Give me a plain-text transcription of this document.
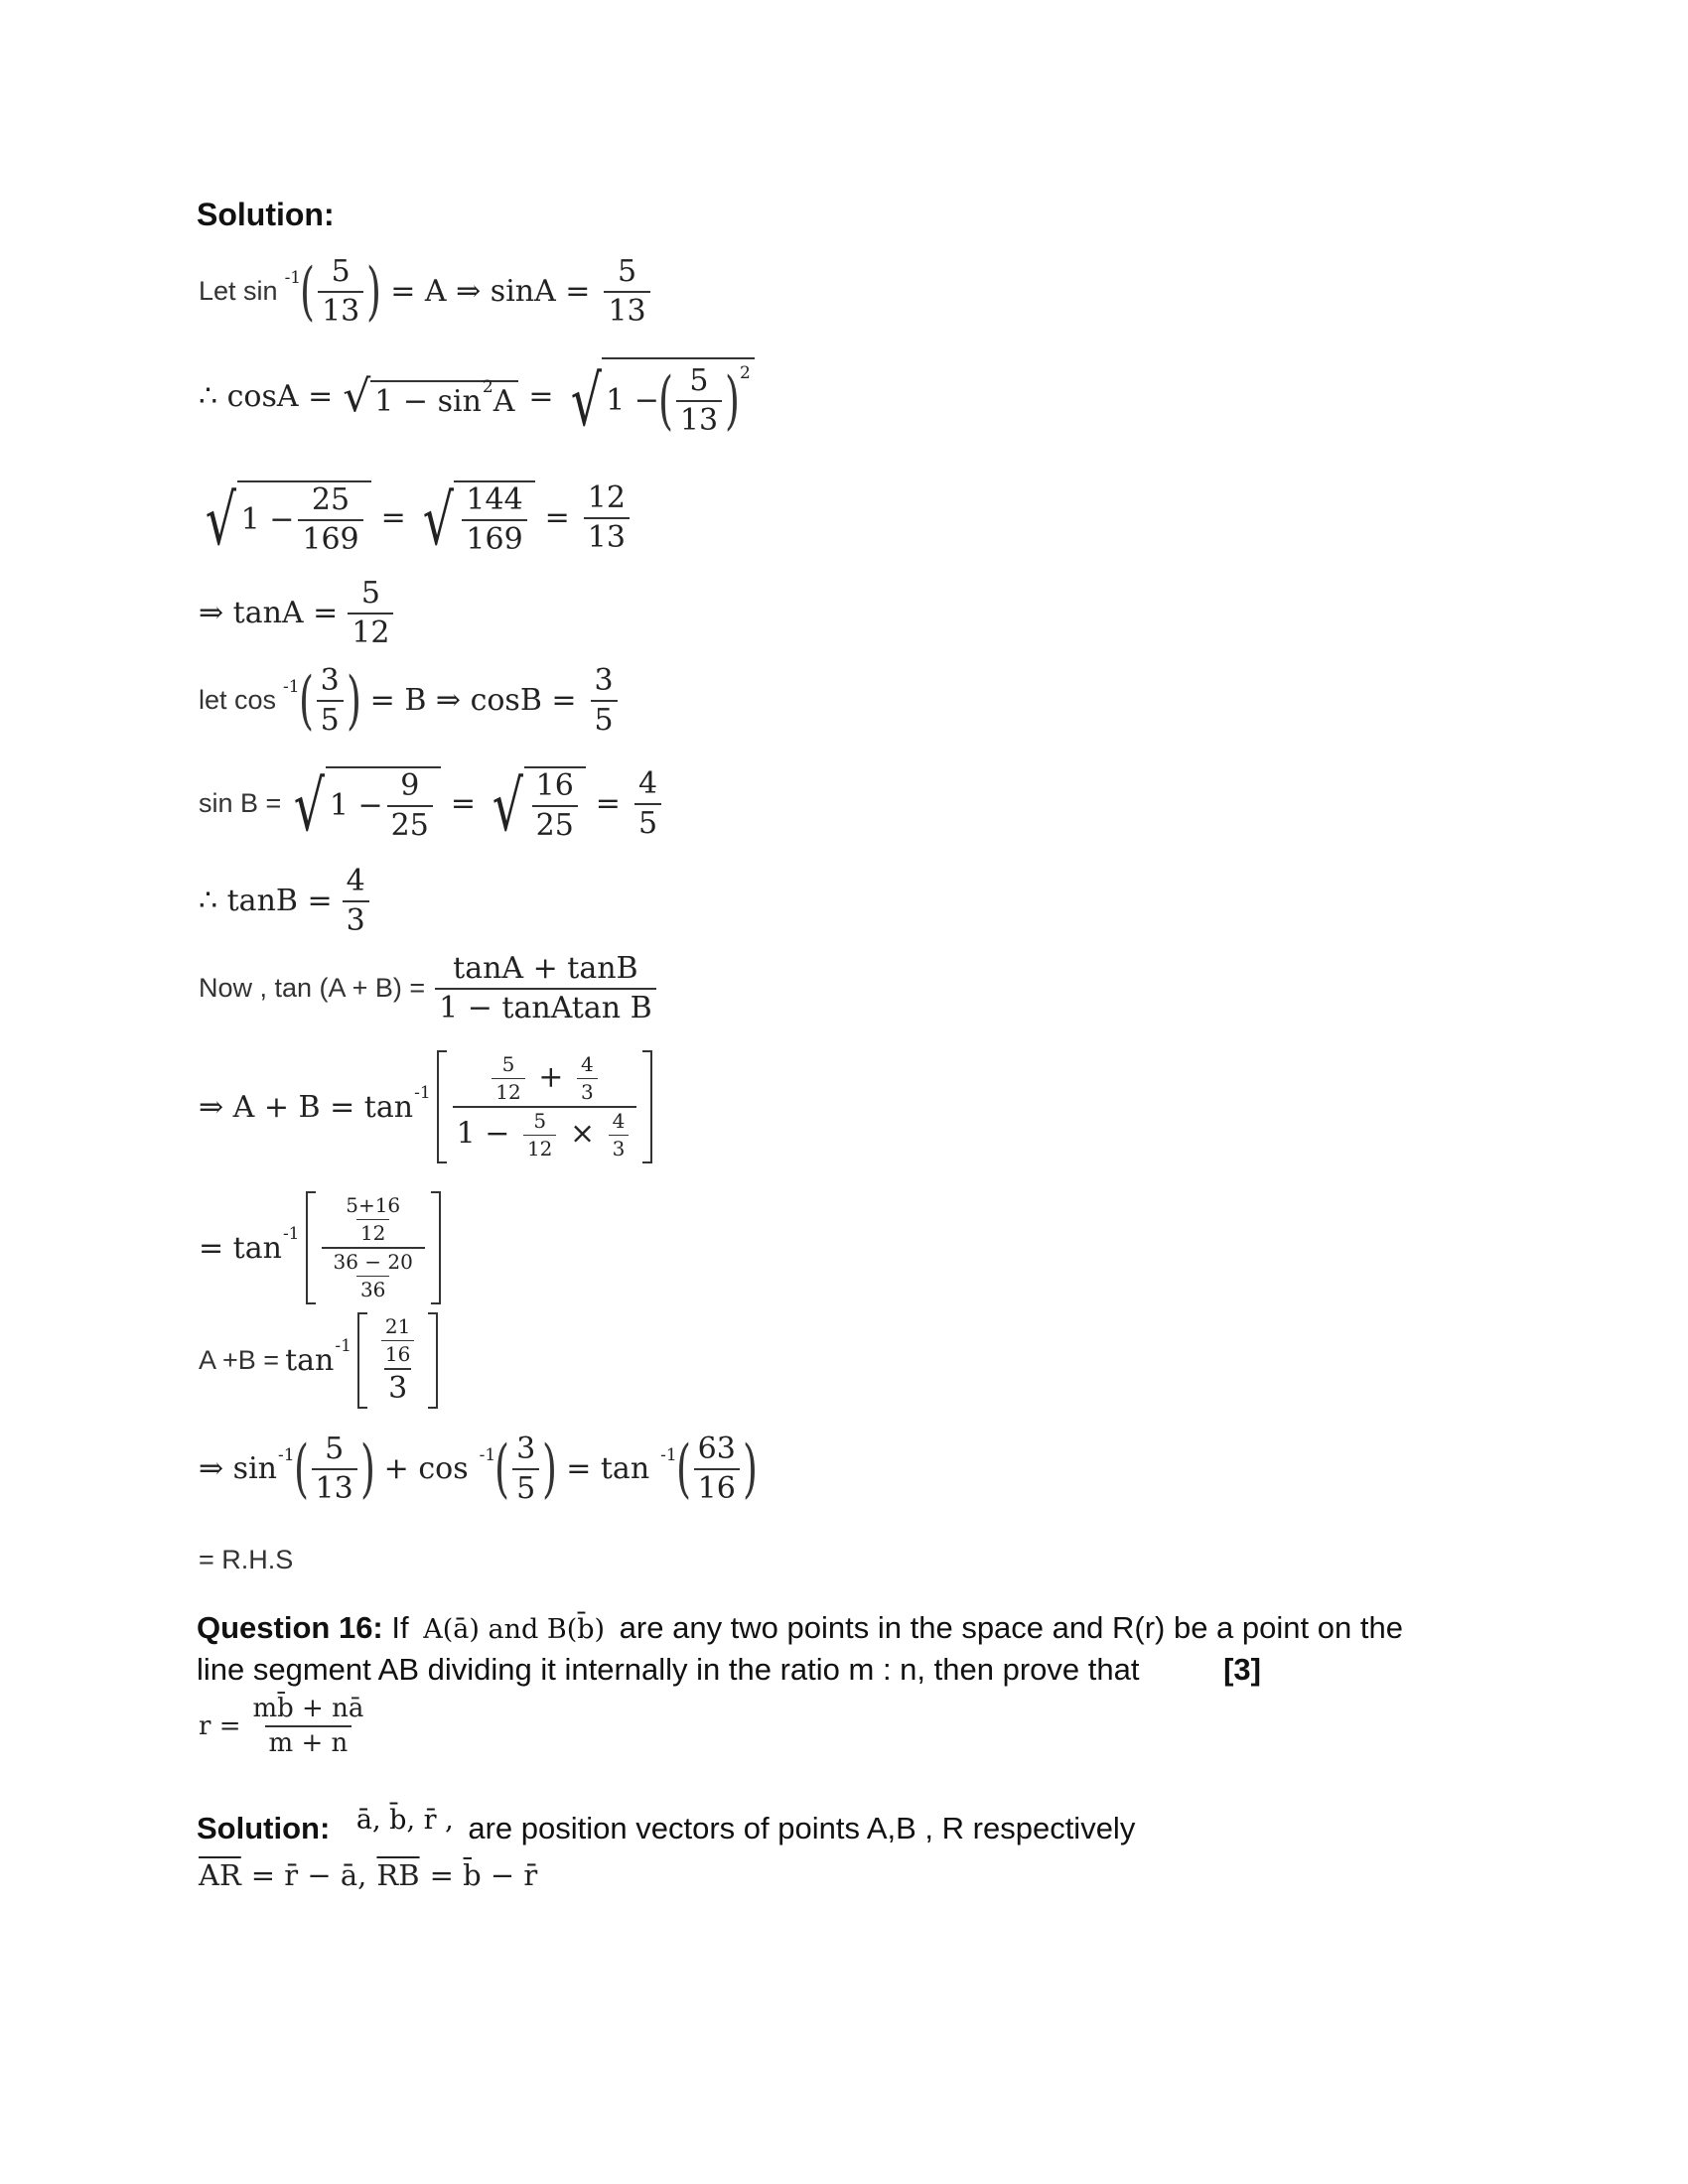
Solution:
Let sin -1
( $\frac{5}{13}$ ) = A ⇒ $\sin A = \frac{5}{13}$
∴ cosA = √ 1 − sin 2 A = √ 1 −
( $\frac{5}{13}$ ) 2
√ $1 - \frac{25}{169}$ = √ $\frac{144}{169} = \frac{12}{13}$
⇒ $\tan A = \frac{5}{12}$
let cos -1
( $\frac{3}{5}$ ) = B ⇒ $\cos B = \frac{3}{5}$
sin B = √ $1 - \frac{9}{25}$ = √ $\frac{16}{25} = \frac{4}{5}$
∴ $\tan B = \frac{4}{3}$
Now , $\tan (A + B) = \frac{\tan A + \tan B}{\text{1 − tanAtan B}}$
⇒ $A + B = \tan -1 \frac{\frac{5}{12} + \frac{4}{3}}{1 - \frac{5}{12} \times \frac{4}{3}}$
= $\tan -1 \frac{\frac{5+16}{12}}{\frac{36 - 20}{36}}$
$A +B = \tan -1 \frac{\frac{21}{16}}{3}$
⇒ sin -1
( $\frac{5}{13}$ ) + cos -1
( $\frac{3}{5}$ ) = tan -1
( $\frac{63}{16}$ )
= R.H.S
Question 16: If A(ā) and B(b̄) are any two points in the space and R(r) be a point on the
line segment AB dividing it internally in the ratio m : n, then prove that	[3]
$r = \frac{mb̄ + nā}{m + n}$
Solution: ā, b̄, r̄ , are position vectors of points A,B , R respectively
$\overline{AR}$ = r̄ − ā, $\overline{RB}$ = b̄ − r̄
